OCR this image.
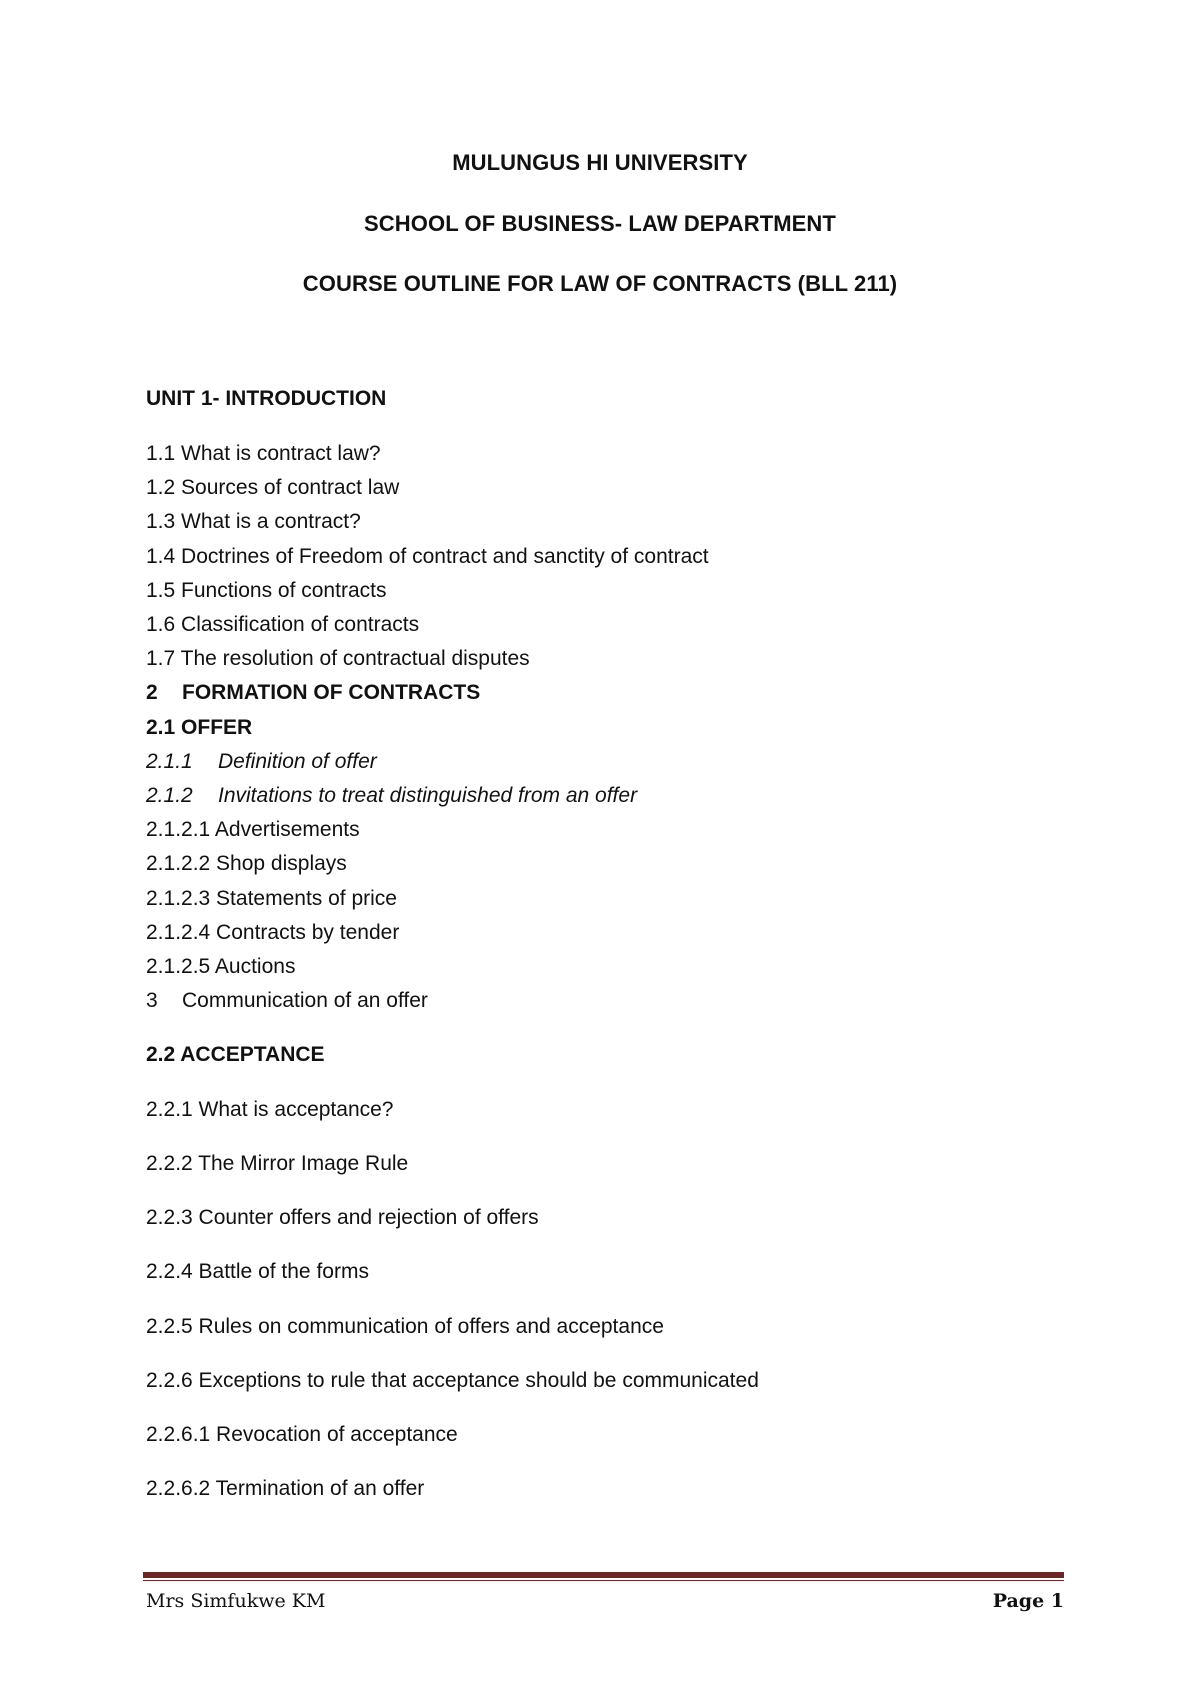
MULUNGUS HI UNIVERSITY
SCHOOL OF BUSINESS- LAW DEPARTMENT
COURSE OUTLINE FOR LAW OF CONTRACTS (BLL 211)
UNIT 1- INTRODUCTION
1.1 What is contract law?
1.2 Sources of contract law
1.3 What is a contract?
1.4 Doctrines of Freedom of contract and sanctity of contract
1.5 Functions of contracts
1.6 Classification of contracts
1.7 The resolution of contractual disputes
2 FORMATION OF CONTRACTS
2.1 OFFER
2.1.1 Definition of offer
2.1.2 Invitations to treat distinguished from an offer
2.1.2.1 Advertisements
2.1.2.2 Shop displays
2.1.2.3 Statements of price
2.1.2.4 Contracts by tender
2.1.2.5 Auctions
3 Communication of an offer
2.2 ACCEPTANCE
2.2.1 What is acceptance?
2.2.2 The Mirror Image Rule
2.2.3 Counter offers and rejection of offers
2.2.4 Battle of the forms
2.2.5 Rules on communication of offers and acceptance
2.2.6 Exceptions to rule that acceptance should be communicated
2.2.6.1 Revocation of acceptance
2.2.6.2 Termination of an offer
Mrs Simfukwe KM	Page 1
